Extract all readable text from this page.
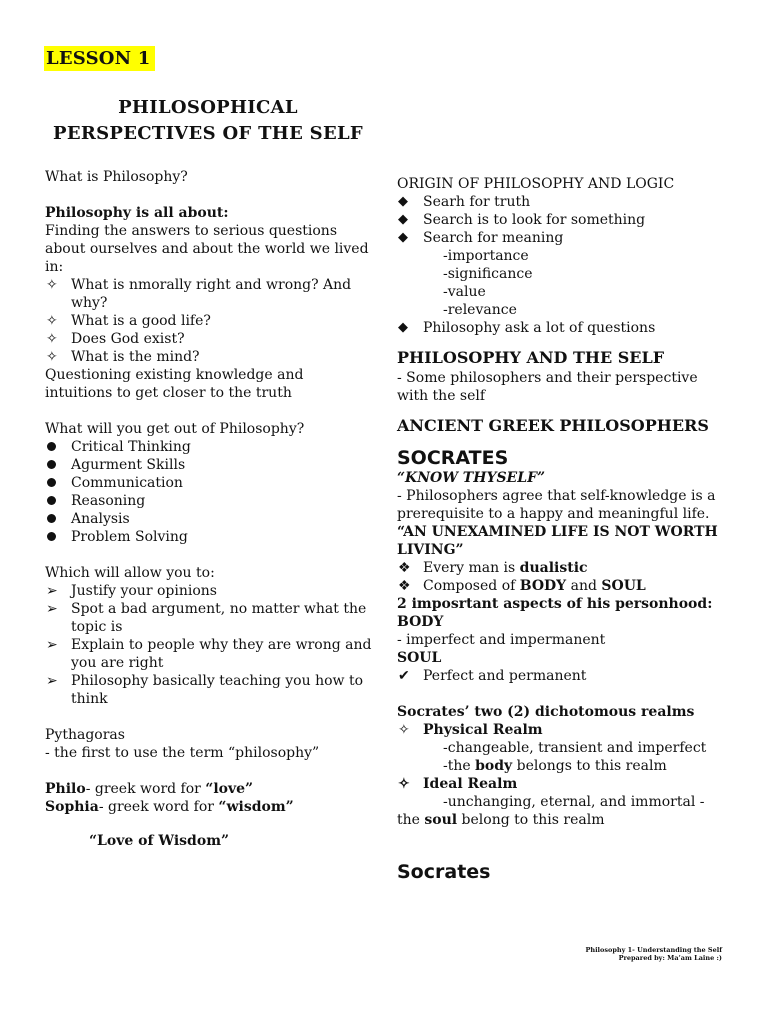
LESSON 1
PHILOSOPHICAL
PERSPECTIVES OF THE SELF

What is Philosophy?

Philosophy is all about:

Finding the answers to serious questions about ourselves and about the world we lived in:

✧ What is nmorally right and wrong? And why?
✧ What is a good life?
✧ Does God exist?
✧ What is the mind?

Questioning existing knowledge and intuitions to get closer to the truth

What will you get out of Philosophy?

Critical Thinking
Agurment Skills
Communication
Reasoning
Analysis
Problem Solving

Which will allow you to:

➢ Justify your opinions
➢ Spot a bad argument, no matter what the topic is
➢ Explain to people why they are wrong and you are right
➢ Philosophy basically teaching you how to think

Pythagoras

- the first to use the term “philosophy”

Philo- greek word for “love”

Sophia- greek word for “wisdom”

“Love of Wisdom”

ORIGIN OF PHILOSOPHY AND LOGIC

◆	Searh for truth
◆	Search is to look for something
◆	Search for meaning

-importance

-significance

-value

-relevance

◆	Philosophy ask a lot of questions

PHILOSOPHY AND THE SELF

- Some philosophers and their perspective with the self

ANCIENT GREEK PHILOSOPHERS

SOCRATES

“KNOW THYSELF”

- Philosophers agree that self-knowledge is a prerequisite to a happy and meaningful life.

“AN UNEXAMINED LIFE IS NOT WORTH LIVING”

❖ Every man is dualistic
❖ Composed of BODY and SOUL

2 imposrtant aspects of his personhood:

BODY

- imperfect and impermanent

SOUL

✔ Perfect and permanent

Socrates’ two (2) dichotomous realms

✧ Physical Realm

-changeable, transient and imperfect

-the body belongs to this realm

✧ Ideal Realm

-unchanging, eternal, and immortal -

the soul belong to this realm

Socrates

Philosophy 1- Understanding the Self
Prepared by: Ma’am Laine :)
